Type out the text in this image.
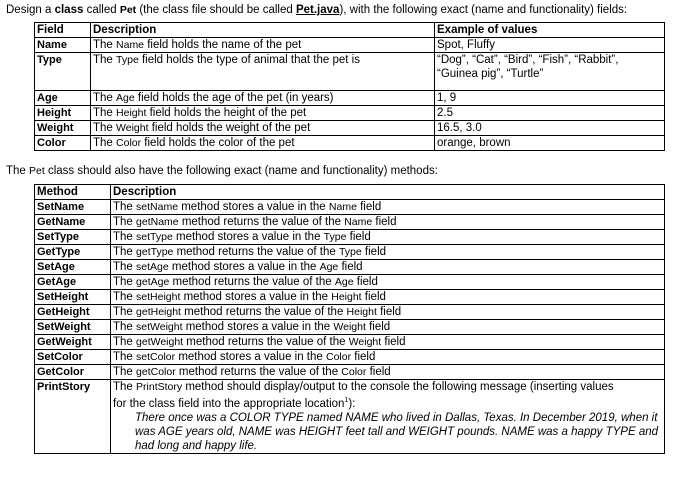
Design a class called Pet (the class file should be called Pet.java), with the following exact (name and functionality) fields:
Field	Description	Example of values
Name	The Name field holds the name of the pet	Spot, Fluffy
Type	The Type field holds the type of animal that the pet is	“Dog”, “Cat”, “Bird”, “Fish”, “Rabbit”, “Guinea pig”, “Turtle”
Age	The Age field holds the age of the pet (in years)	1, 9
Height	The Height field holds the height of the pet	2.5
Weight	The Weight field holds the weight of the pet	16.5, 3.0
Color	The Color field holds the color of the pet	orange, brown
The Pet class should also have the following exact (name and functionality) methods:
Method	Description
SetName	The setName method stores a value in the Name field
GetName	The getName method returns the value of the Name field
SetType	The setType method stores a value in the Type field
GetType	The getType method returns the value of the Type field
SetAge	The setAge method stores a value in the Age field
GetAge	The getAge method returns the value of the Age field
SetHeight	The setHeight method stores a value in the Height field
GetHeight	The getHeight method returns the value of the Height field
SetWeight	The setWeight method stores a value in the Weight field
GetWeight	The getWeight method returns the value of the Weight field
SetColor	The setColor method stores a value in the Color field
GetColor	The getColor method returns the value of the Color field
PrintStory	The PrintStory method should display/output to the console the following message (inserting values
for the class field into the appropriate location$^1$):
There once was a COLOR TYPE named NAME who lived in Dallas, Texas. In December 2019, when it was AGE years old, NAME was HEIGHT feet tall and WEIGHT pounds. NAME was a happy TYPE and had long and happy life.
